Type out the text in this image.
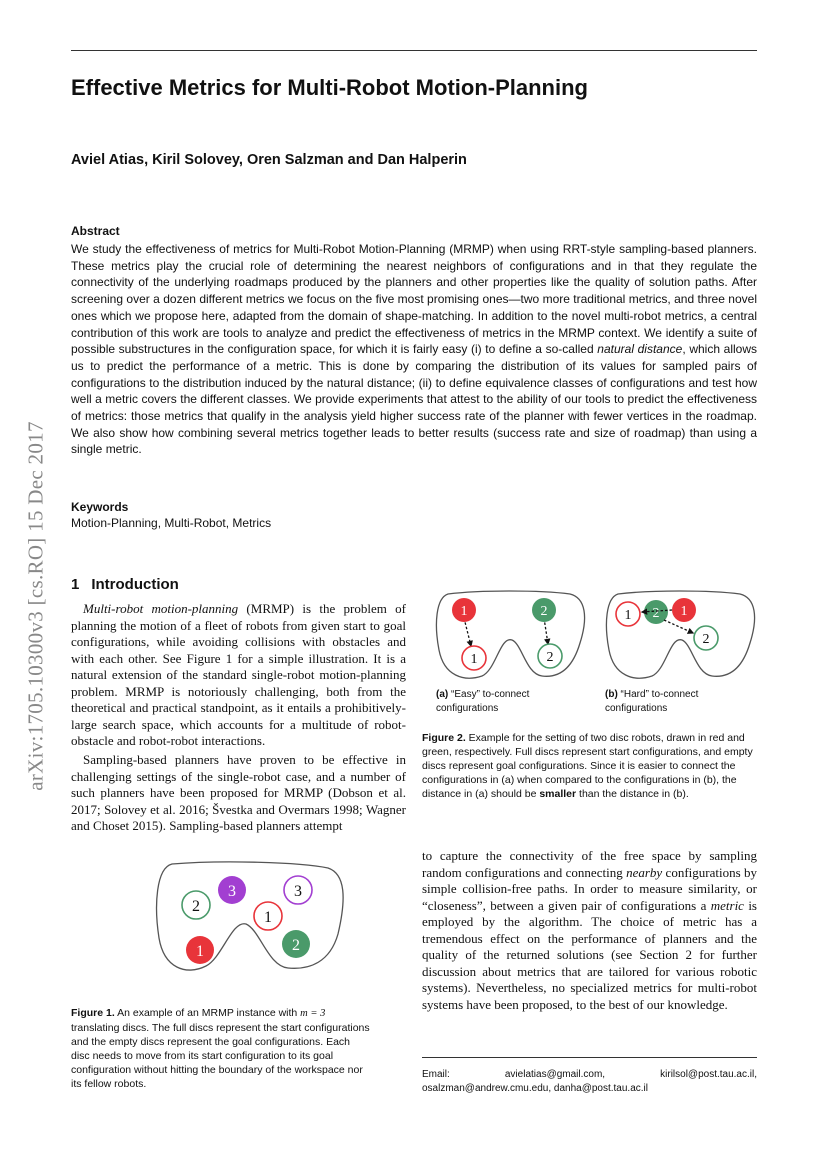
Effective Metrics for Multi-Robot Motion-Planning
Aviel Atias, Kiril Solovey, Oren Salzman and Dan Halperin
Abstract

We study the effectiveness of metrics for Multi-Robot Motion-Planning (MRMP) when using RRT-style sampling-based planners. These metrics play the crucial role of determining the nearest neighbors of configurations and in that they regulate the connectivity of the underlying roadmaps produced by the planners and other properties like the quality of solution paths. After screening over a dozen different metrics we focus on the five most promising ones—two more traditional metrics, and three novel ones which we propose here, adapted from the domain of shape-matching. In addition to the novel multi-robot metrics, a central contribution of this work are tools to analyze and predict the effectiveness of metrics in the MRMP context. We identify a suite of possible substructures in the configuration space, for which it is fairly easy (i) to define a so-called natural distance, which allows us to predict the performance of a metric. This is done by comparing the distribution of its values for sampled pairs of configurations to the distribution induced by the natural distance; (ii) to define equivalence classes of configurations and test how well a metric covers the different classes. We provide experiments that attest to the ability of our tools to predict the effectiveness of metrics: those metrics that qualify in the analysis yield higher success rate of the planner with fewer vertices in the roadmap. We also show how combining several metrics together leads to better results (success rate and size of roadmap) than using a single metric.

Keywords
Motion-Planning, Multi-Robot, Metrics
arXiv:1705.10300v3 [cs.RO] 15 Dec 2017 1 Introduction

Multi-robot motion-planning (MRMP) is the problem of planning the motion of a fleet of robots from given start to goal configurations, while avoiding collisions with obstacles and with each other. See Figure 1 for a simple illustration. It is a natural extension of the standard single-robot motion-planning problem. MRMP is notoriously challenging, both from the theoretical and practical standpoint, as it entails a prohibitively-large search space, which accounts for a multitude of robot-obstacle and robot-robot interactions.

Sampling-based planners have proven to be effective in challenging settings of the single-robot case, and a number of such planners have been proposed for MRMP (Dobson et al. 2017; Solovey et al. 2016; Švestka and Overmars 1998; Wagner and Choset 2015). Sampling-based planners attempt

to capture the connectivity of the free space by sampling random configurations and connecting nearby configurations by simple collision-free paths. In order to measure similarity, or “closeness”, between a given pair of configurations a metric is employed by the algorithm. The choice of metric has a tremendous effect on the performance of planners and the quality of the returned solutions (see Section 2 for further discussion about metrics that are tailored for various robotic systems). Nevertheless, no specialized metrics for multi-robot systems have been proposed, to the best of our knowledge.

1	2
1	2
(a) “Easy” to-connect configurations
2 1
1
2
(b) “Hard” to-connect configurations

Figure 2. Example for the setting of two disc robots, drawn in red and green, respectively. Full discs represent start configurations, and empty discs represent goal configurations. Since it is easier to connect the configurations in (a) when compared to the configurations in (b), the distance in (a) should be smaller than the distance in (b).

3	3
2
1
1	2

Figure 1. An example of an MRMP instance with m = 3 translating discs. The full discs represent the start configurations and the empty discs represent the goal configurations. Each disc needs to move from its start configuration to its goal configuration without hitting the boundary of the workspace nor its fellow robots.

Email:	avielatias@gmail.com,	kirilsol@post.tau.ac.il,
osalzman@andrew.cmu.edu, danha@post.tau.ac.il
